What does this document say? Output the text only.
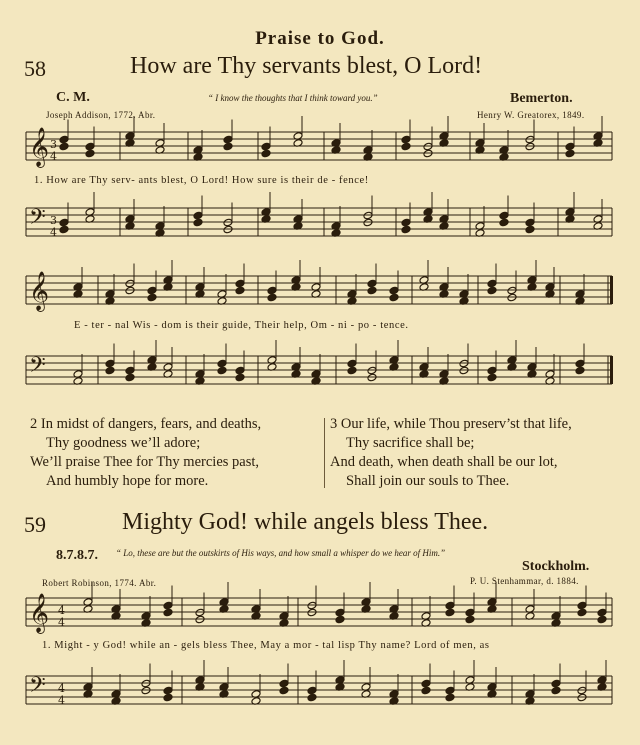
Praise to God.
58	How are Thy servants blest, O Lord!
C. M.	“ I know the thoughts that I think toward you.”	Bemerton.
Joseph Addison, 1772. Abr.	Henry W. Greatorex, 1849.
1. How are Thy serv- ants blest, O Lord! How sure is their de - fence!
E - ter - nal Wis - dom is their guide, Their help, Om - ni - po - tence.
2 In midst of dangers, fears, and deaths,
Thy goodness we’ll adore;
We’ll praise Thee for Thy mercies past,
And humbly hope for more.
3 Our life, while Thou preserv’st that life,
Thy sacrifice shall be;
And death, when death shall be our lot,
Shall join our souls to Thee.
59	Mighty God! while angels bless Thee.
8.7.8.7. “ Lo, these are but the outskirts of His ways, and how small a whisper do we hear of Him.”
Stockholm.
Robert Robinson, 1774. Abr.	P. U. Stenhammar, d. 1884.
1. Might - y God! while an - gels bless Thee, May a mor - tal lisp Thy name? Lord of men, as
𝄞
𝄢
𝄞
𝄢
𝄞
𝄢
3
4
3
4
4
4
4
4
